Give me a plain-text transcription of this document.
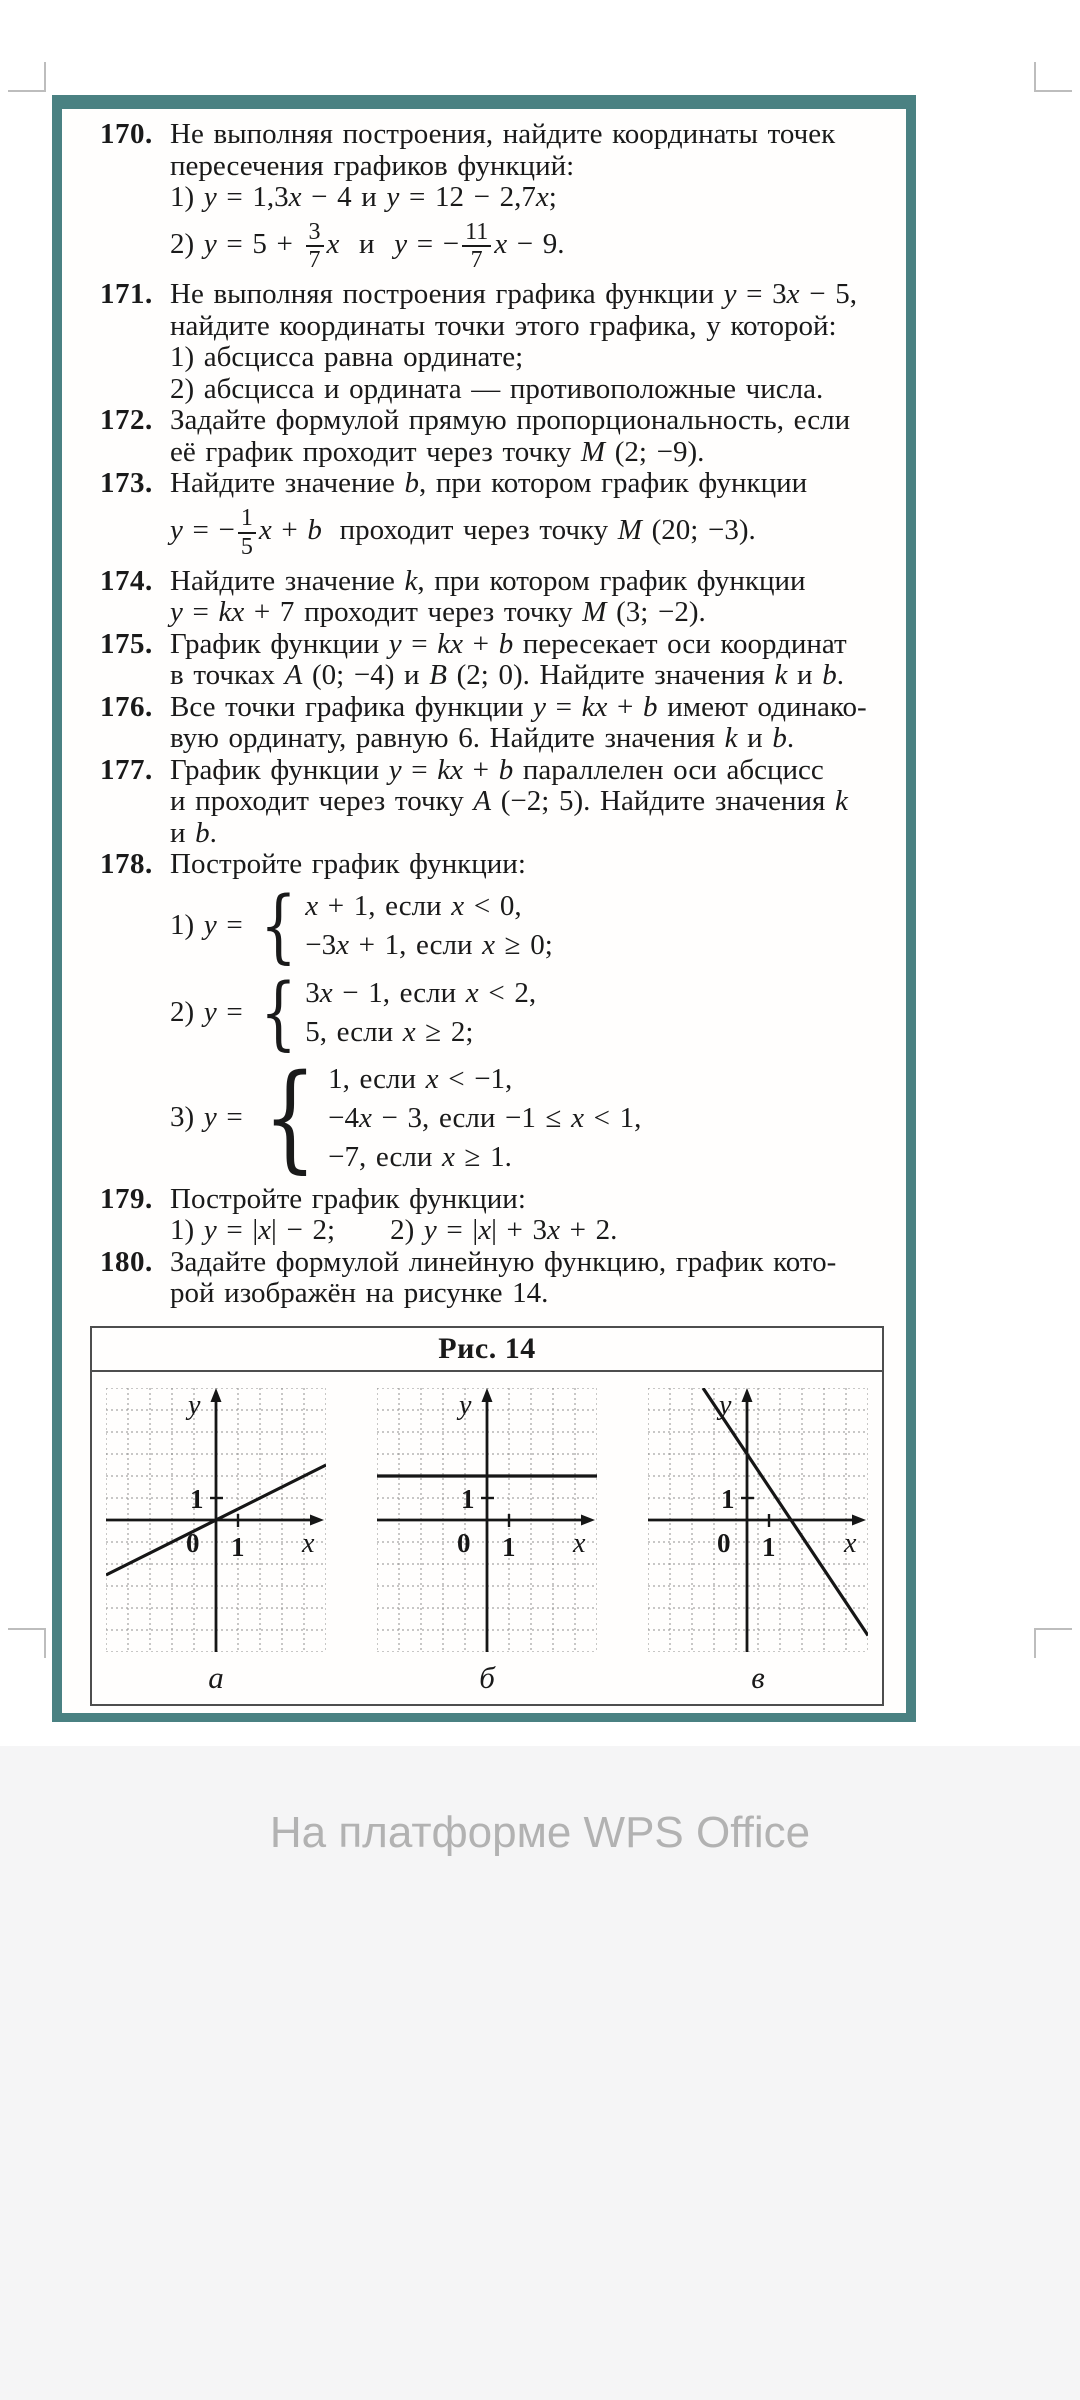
170. Не выполняя построения, найдите координаты точек
пересечения графиков функций:
1) y = 1,3x − 4 и y = 12 − 2,7x;
2) $y = 5 + \frac{3}{7}$ x и y = − $\frac{11}{7}$ x − 9.
171. Не выполняя построения графика функции y = 3x − 5,
найдите координаты точки этого графика, у которой:
1) абсцисса равна ординате;
2) абсцисса и ордината — противоположные числа.
172. Задайте формулой прямую пропорциональность, если
её график проходит через точку M (2; −9).
173. Найдите значение b, при котором график функции
y = − $\frac{1}{5}$ x + b проходит через точку M (20; −3).
174. Найдите значение k, при котором график функции
y = kx + 7 проходит через точку M (3; −2).
175. График функции y = kx + b пересекает оси координат
в точках A (0; −4) и B (2; 0). Найдите значения k и b.
176. Все точки графика функции y = kx + b имеют одинако-
вую ординату, равную 6. Найдите значения k и b.
177. График функции y = kx + b параллелен оси абсцисс
и проходит через точку A (−2; 5). Найдите значения k
и b.
178. Постройте график функции:
1) y = { x + 1, если x < 0,
−3x + 1, если x ≥ 0;
2) y = { 3x − 1, если x < 2,
5, если x ≥ 2;
3) y = { 1, если x < −1,
−4x − 3, если −1 ≤ x < 1,
−7, если x ≥ 1.
179. Постройте график функции:
1) y = |x| − 2; 2) y = |x| + 3x + 2.
180. Задайте формулой линейную функцию, график кото-
рой изображён на рисунке 14.
Рис. 14
y
x
0
1
1
а
y
x
0
1
1
б
y
x
0
1
1
в
На платформе WPS Office
